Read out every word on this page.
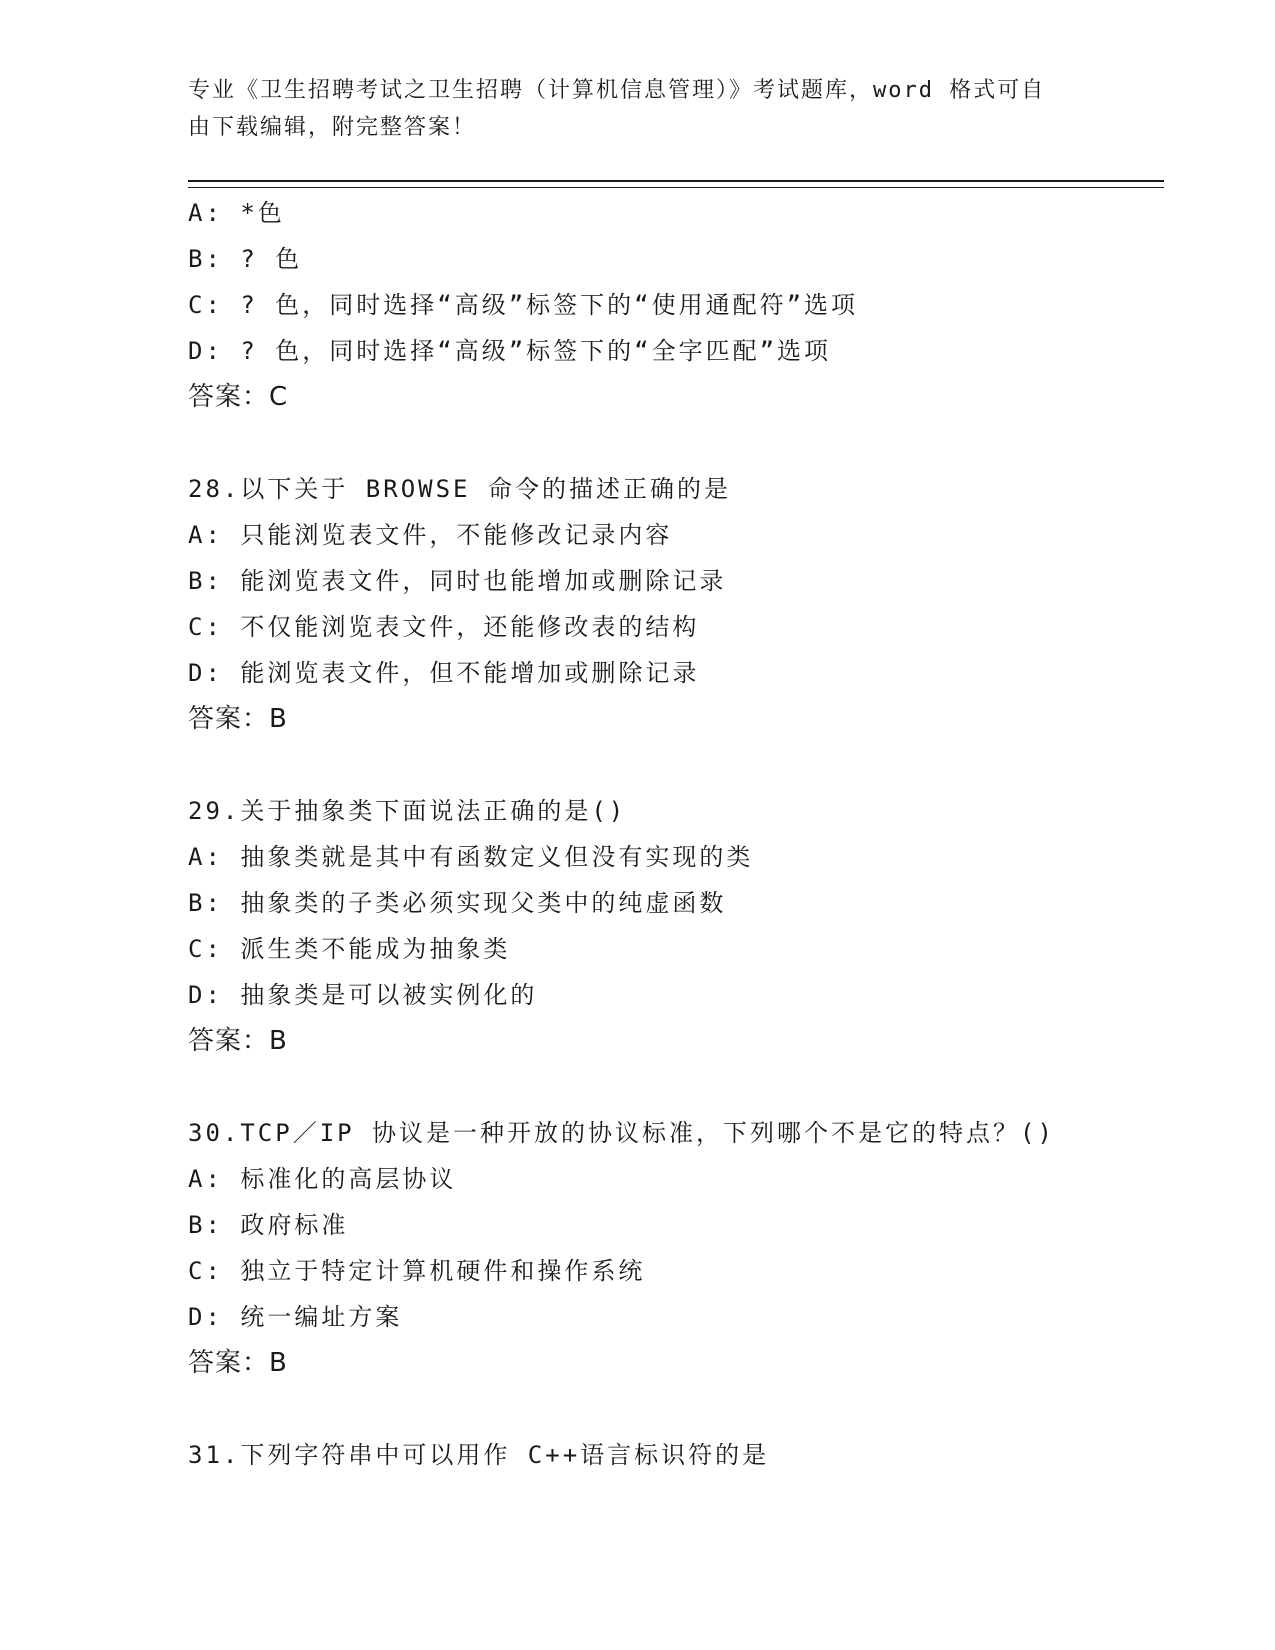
专业《卫生招聘考试之卫生招聘（计算机信息管理）》考试题库，word 格式可自
由下载编辑，附完整答案！
A: *色
B: ? 色
C: ? 色，同时选择“高级”标签下的“使用通配符”选项
D: ? 色，同时选择“高级”标签下的“全字匹配”选项
答案：C
28.以下关于 BROWSE 命令的描述正确的是
A: 只能浏览表文件，不能修改记录内容
B: 能浏览表文件，同时也能增加或删除记录
C: 不仅能浏览表文件，还能修改表的结构
D: 能浏览表文件，但不能增加或删除记录
答案：B
29.关于抽象类下面说法正确的是()
A: 抽象类就是其中有函数定义但没有实现的类
B: 抽象类的子类必须实现父类中的纯虚函数
C: 派生类不能成为抽象类
D: 抽象类是可以被实例化的
答案：B
30.TCP／IP 协议是一种开放的协议标准，下列哪个不是它的特点？()
A: 标准化的高层协议
B: 政府标准
C: 独立于特定计算机硬件和操作系统
D: 统一编址方案
答案：B
31.下列字符串中可以用作 C++语言标识符的是
